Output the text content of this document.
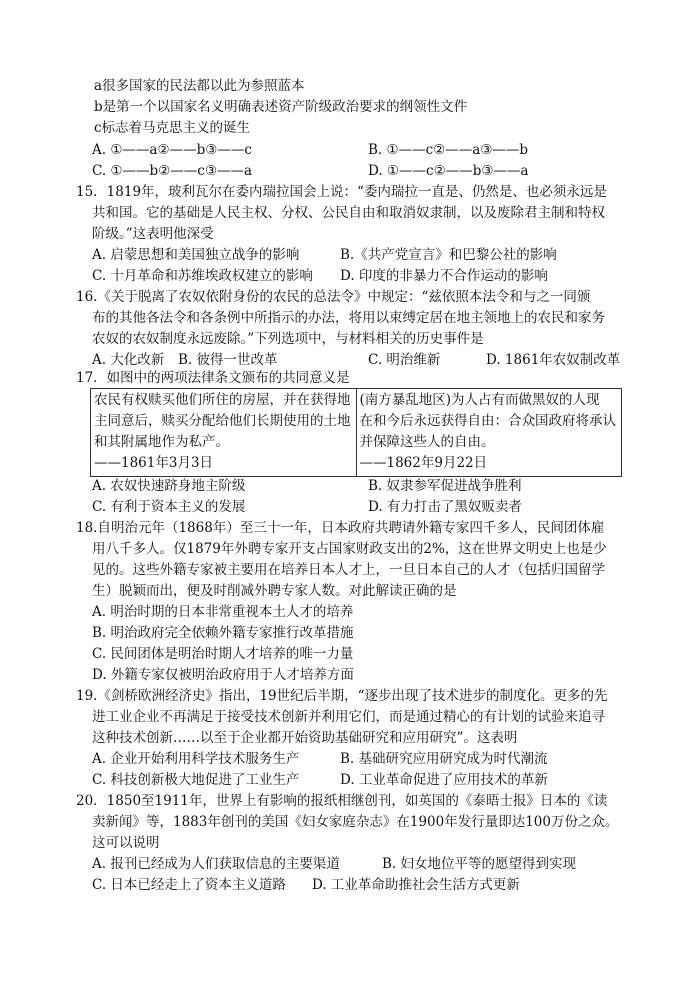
a很多国家的民法都以此为参照蓝本
b是第一个以国家名义明确表述资产阶级政治要求的纲领性文件
c标志着马克思主义的诞生
A. ①——a②——b③——c	B. ①——c②——a③——b
C. ①——b②——c③——a	D. ①——c②——b③——a
15．1819年，玻利瓦尔在委内瑞拉国会上说：“委内瑞拉一直是、仍然是、也必须永远是
共和国。它的基础是人民主权、分权、公民自由和取消奴隶制，以及废除君主制和特权
阶级。”这表明他深受
A. 启蒙思想和美国独立战争的影响	B.《共产党宣言》和巴黎公社的影响
C. 十月革命和苏维埃政权建立的影响 D. 印度的非暴力不合作运动的影响
16.《关于脱离了农奴依附身份的农民的总法令》中规定：“兹依照本法令和与之一同颁
布的其他各法令和各条例中所指示的办法，将用以束缚定居在地主领地上的农民和家务
农奴的农奴制度永远废除。”下列选项中，与材料相关的历史事件是
A. 大化改新 B. 彼得一世改革	C. 明治维新	D. 1861年农奴制改革
17．如图中的两项法律条文颁布的共同意义是
农民有权赎买他们所住的房屋，并在获得地
主同意后，赎买分配给他们长期使用的土地
和其附属地作为私产。
——1861年3月3日

(南方暴乱地区)为人占有而做黑奴的人现
在和今后永远获得自由：合众国政府将承认
并保障这些人的自由。
——1862年9月22日
A. 农奴快速跻身地主阶级	B. 奴隶参军促进战争胜利
C. 有利于资本主义的发展	D. 有力打击了黑奴贩卖者
18.自明治元年（1868年）至三十一年，日本政府共聘请外籍专家四千多人，民间团体雇
用八千多人。仅1879年外聘专家开支占国家财政支出的2%，这在世界文明史上也是少
见的。这些外籍专家被主要用在培养日本人才上，一旦日本自己的人才（包括归国留学
生）脱颖而出，便及时削减外聘专家人数。对此解读正确的是
A. 明治时期的日本非常重视本土人才的培养
B. 明治政府完全依赖外籍专家推行改革措施
C. 民间团体是明治时期人才培养的唯一力量
D. 外籍专家仅被明治政府用于人才培养方面
19.《剑桥欧洲经济史》指出，19世纪后半期，“逐步出现了技术进步的制度化。更多的先
进工业企业不再满足于接受技术创新并利用它们，而是通过精心的有计划的试验来追寻
这种技术创新……以至于企业都开始资助基础研究和应用研究”。这表明
A. 企业开始利用科学技术服务生产	B. 基础研究应用研究成为时代潮流
C. 科技创新极大地促进了工业生产	D. 工业革命促进了应用技术的革新
20．1850至1911年，世界上有影响的报纸相继创刊，如英国的《泰晤士报》日本的《读
卖新闻》等，1883年创刊的美国《妇女家庭杂志》在1900年发行量即达100万份之众。
这可以说明
A. 报刊已经成为人们获取信息的主要渠道	B. 妇女地位平等的愿望得到实现
C. 日本已经走上了资本主义道路 D. 工业革命助推社会生活方式更新
